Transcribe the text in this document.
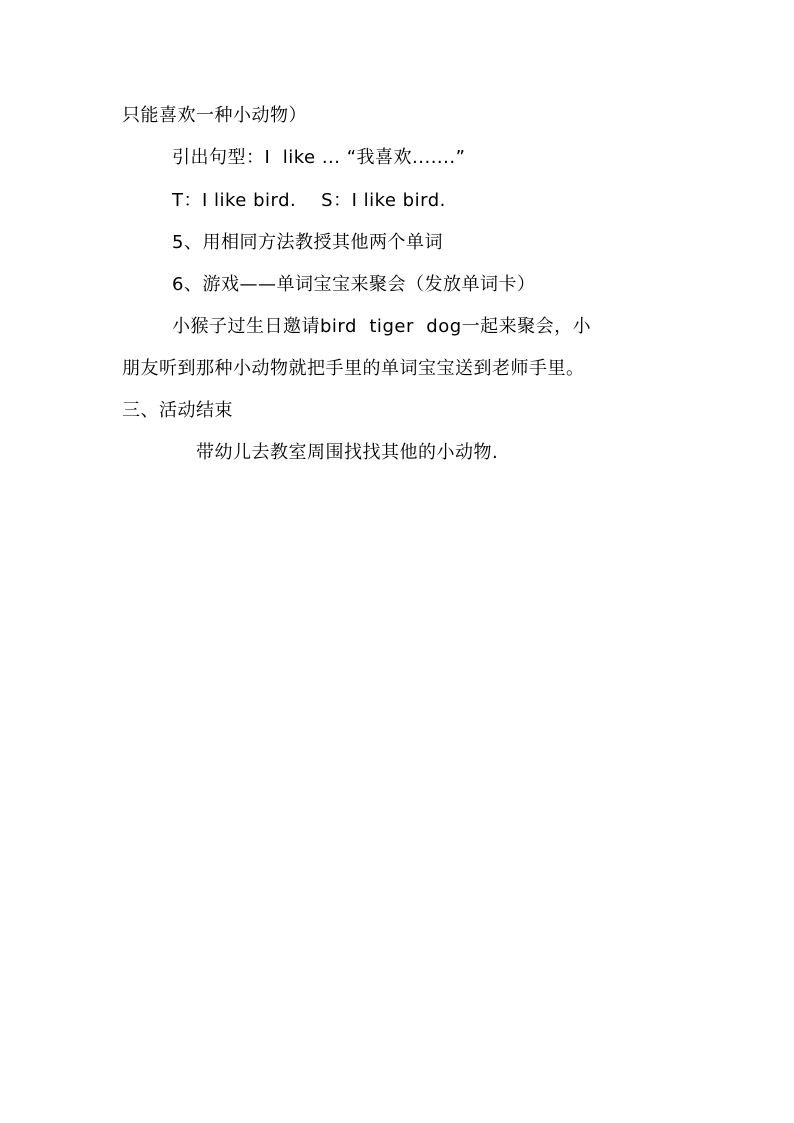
只能喜欢一种小动物）
引出句型：I  like ... “我喜欢.......”
T：I like bird.    S：I like bird.
5、用相同方法教授其他两个单词
6、游戏——单词宝宝来聚会（发放单词卡）
小猴子过生日邀请bird  tiger  dog一起来聚会，小
朋友听到那种小动物就把手里的单词宝宝送到老师手里。
三、活动结束
带幼儿去教室周围找找其他的小动物.
